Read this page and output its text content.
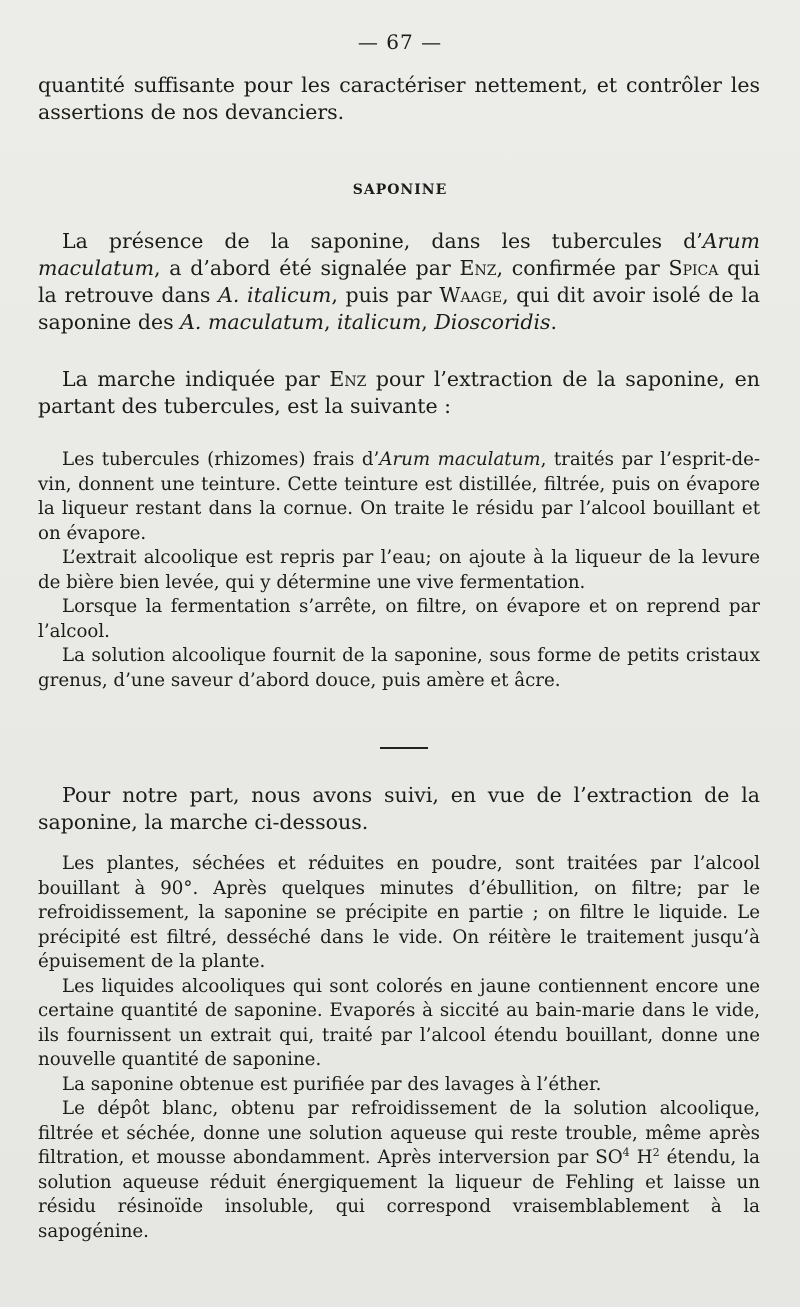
— 67 —

quantité suffisante pour les caractériser nettement, et contrôler les assertions de nos devanciers.

SAPONINE

La présence de la saponine, dans les tubercules d’Arum maculatum, a d’abord été signalée par Enz, confirmée par Spica qui la retrouve dans A. italicum, puis par Waage, qui dit avoir isolé de la saponine des A. maculatum, italicum, Dioscoridis.

La marche indiquée par Enz pour l’extraction de la saponine, en partant des tubercules, est la suivante :

Les tubercules (rhizomes) frais d’Arum maculatum, traités par l’esprit-de-vin, donnent une teinture. Cette teinture est distillée, filtrée, puis on évapore la liqueur restant dans la cornue. On traite le résidu par l’alcool bouillant et on évapore.

L’extrait alcoolique est repris par l’eau; on ajoute à la liqueur de la levure de bière bien levée, qui y détermine une vive fermentation.

Lorsque la fermentation s’arrête, on filtre, on évapore et on reprend par l’alcool.

La solution alcoolique fournit de la saponine, sous forme de petits cristaux grenus, d’une saveur d’abord douce, puis amère et âcre.

Pour notre part, nous avons suivi, en vue de l’extraction de la saponine, la marche ci-dessous.

Les plantes, séchées et réduites en poudre, sont traitées par l’alcool bouillant à 90°. Après quelques minutes d’ébullition, on filtre; par le refroidissement, la saponine se précipite en partie ; on filtre le liquide. Le précipité est filtré, desséché dans le vide. On réitère le traitement jusqu’à épuisement de la plante.

Les liquides alcooliques qui sont colorés en jaune contiennent encore une certaine quantité de saponine. Evaporés à siccité au bain-marie dans le vide, ils fournissent un extrait qui, traité par l’alcool étendu bouillant, donne une nouvelle quantité de saponine.

La saponine obtenue est purifiée par des lavages à l’éther.

Le dépôt blanc, obtenu par refroidissement de la solution alcoolique, filtrée et séchée, donne une solution aqueuse qui reste trouble, même après filtration, et mousse abondamment. Après interversion par $SO^4$ $H^2$ étendu, la solution aqueuse réduit énergiquement la liqueur de Fehling et laisse un résidu résinoïde insoluble, qui correspond vraisemblablement à la sapogénine.
